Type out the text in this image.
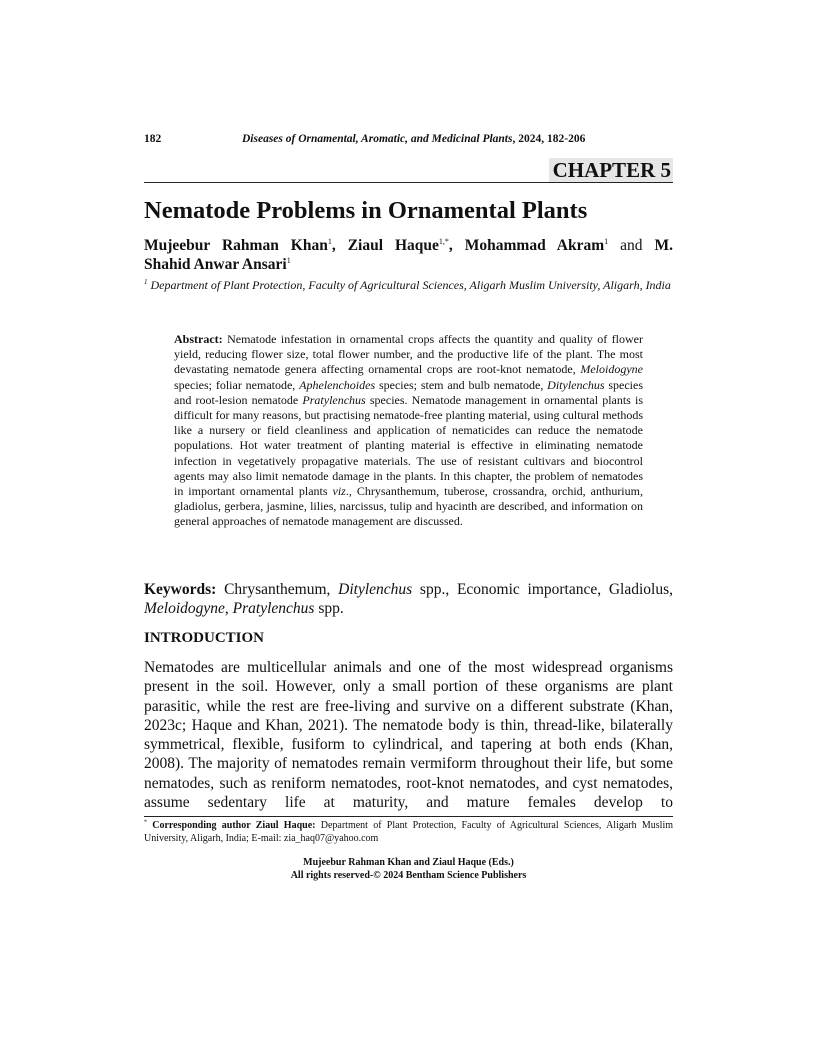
182	Diseases of Ornamental, Aromatic, and Medicinal Plants, 2024, 182-206
CHAPTER 5
Nematode Problems in Ornamental Plants
Mujeebur Rahman Khan$^1$, Ziaul Haque$^{1,*}$, Mohammad Akram$^1$ and M.
Shahid Anwar Ansari$^1$
$^1$ Department of Plant Protection, Faculty of Agricultural Sciences, Aligarh Muslim University, Aligarh, India
Abstract: Nematode infestation in ornamental crops affects the quantity and quality of flower yield, reducing flower size, total flower number, and the productive life of the plant. The most devastating nematode genera affecting ornamental crops are root-knot nematode, Meloidogyne species; foliar nematode, Aphelenchoides species; stem and bulb nematode, Ditylenchus species and root-lesion nematode Pratylenchus species. Nematode management in ornamental plants is difficult for many reasons, but practising nematode-free planting material, using cultural methods like a nursery or field cleanliness and application of nematicides can reduce the nematode populations. Hot water treatment of planting material is effective in eliminating nematode infection in vegetatively propagative materials. The use of resistant cultivars and biocontrol agents may also limit nematode damage in the plants. In this chapter, the problem of nematodes in important ornamental plants viz., Chrysanthemum, tuberose, crossandra, orchid, anthurium, gladiolus, gerbera, jasmine, lilies, narcissus, tulip and hyacinth are described, and information on general approaches of nematode management are discussed.
Keywords: Chrysanthemum, Ditylenchus spp., Economic importance, Gladiolus, Meloidogyne, Pratylenchus spp.
INTRODUCTION
Nematodes are multicellular animals and one of the most widespread organisms present in the soil. However, only a small portion of these organisms are plant parasitic, while the rest are free-living and survive on a different substrate (Khan, 2023c; Haque and Khan, 2021). The nematode body is thin, thread-like, bilaterally symmetrical, flexible, fusiform to cylindrical, and tapering at both ends (Khan, 2008). The majority of nematodes remain vermiform throughout their life, but some nematodes, such as reniform nematodes, root-knot nematodes, and cyst nematodes, assume sedentary life at maturity, and mature females develop to
* Corresponding author Ziaul Haque: Department of Plant Protection, Faculty of Agricultural Sciences, Aligarh Muslim University, Aligarh, India; E-mail: zia_haq07@yahoo.com
Mujeebur Rahman Khan and Ziaul Haque (Eds.)
All rights reserved-© 2024 Bentham Science Publishers
